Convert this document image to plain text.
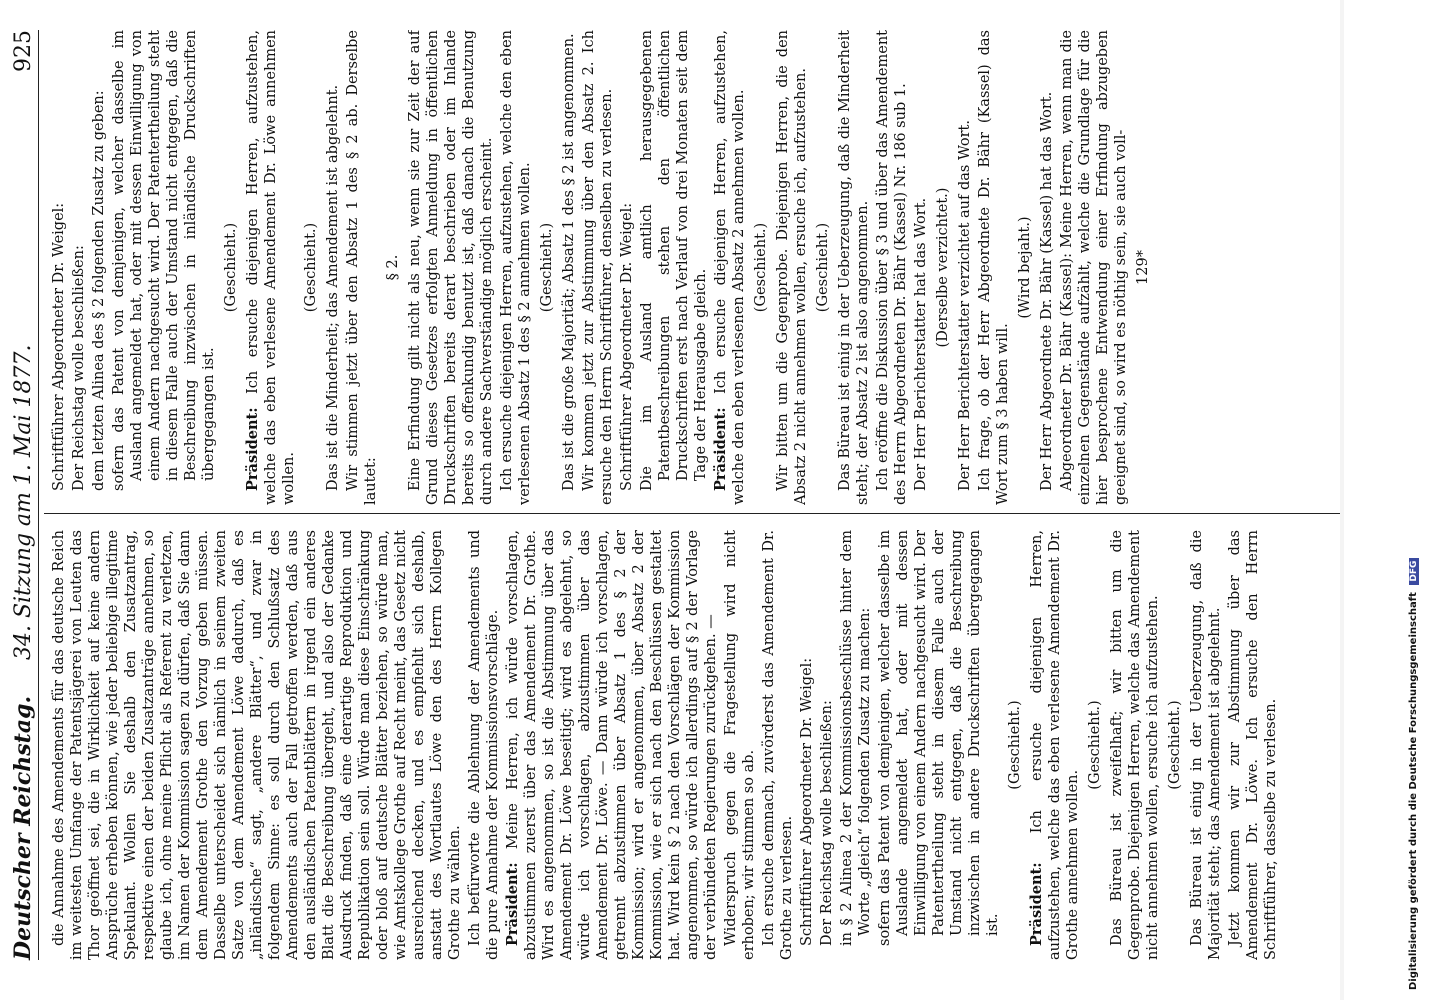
Deutscher Reichstag.
34. Sitzung am 1. Mai 1877.
925

die Annahme des Amendements für das deutsche Reich im weitesten Umfange der Patentsjägerei von Leuten das Thor geöffnet sei, die in Wirklichkeit auf keine andern Ansprüche erheben können, wie jeder beliebige illegitime Spekulant. Wollen Sie deshalb den Zusatzantrag, respektive einen der beiden Zusatzanträge annehmen, so glaube ich, ohne meine Pflicht als Referent zu verletzen, im Namen der Kommission sagen zu dürfen, daß Sie dann dem Amendement Grothe den Vorzug geben müssen. Dasselbe unterscheidet sich nämlich in seinem zweiten Satze von dem Amendement Löwe dadurch, daß es „inländische“ sagt, „andere Blätter“, und zwar in folgendem Sinne: es soll durch den Schlußsatz des Amendements auch der Fall getroffen werden, daß aus den ausländischen Patentblättern in irgend ein anderes Blatt die Beschreibung übergeht, und also der Gedanke Ausdruck finden, daß eine derartige Reproduktion und Republikation sein soll. Würde man diese Einschränkung oder bloß auf deutsche Blätter beziehen, so würde man, wie Amtskollege Grothe auf Recht meint, das Gesetz nicht ausreichend decken, und es empfiehlt sich deshalb, anstatt des Wortlautes Löwe den des Herrn Kollegen Grothe zu wählen. Ich befürworte die Ablehnung der Amendements und die pure Annahme der Kommissionsvorschläge. Präsident: Meine Herren, ich würde vorschlagen, abzustimmen zuerst über das Amendement Dr. Grothe. Wird es angenommen, so ist die Abstimmung über das Amendement Dr. Löwe beseitigt; wird es abgelehnt, so würde ich vorschlagen, abzustimmen über das Amendement Dr. Löwe. — Dann würde ich vorschlagen, getrennt abzustimmen über Absatz 1 des § 2 der Kommission; wird er angenommen, über Absatz 2 der Kommission, wie er sich nach den Beschlüssen gestaltet hat. Wird kein § 2 nach den Vorschlägen der Kommission angenommen, so würde ich allerdings auf § 2 der Vorlage der verbündeten Regierungen zurückgehen. — Widerspruch gegen die Fragestellung wird nicht erhoben; wir stimmen so ab. Ich ersuche demnach, zuvörderst das Amendement Dr. Grothe zu verlesen. Schriftführer Abgeordneter Dr. Weigel: Der Reichstag wolle beschließen: in § 2 Alinea 2 der Kommissionsbeschlüsse hinter dem Worte „gleich“ folgenden Zusatz zu machen: sofern das Patent von demjenigen, welcher dasselbe im Auslande angemeldet hat, oder mit dessen Einwilligung von einem Andern nachgesucht wird. Der Patentertheilung steht in diesem Falle auch der Umstand nicht entgegen, daß die Beschreibung inzwischen in andere Druckschriften übergegangen ist.

(Geschieht.)

Präsident: Ich ersuche diejenigen Herren, aufzustehen, welche das eben verlesene Amendement Dr. Grothe annehmen wollen.

(Geschieht.) Das Büreau ist zweifelhaft; wir bitten um die Gegenprobe. Diejenigen Herren, welche das Amendement nicht annehmen wollen, ersuche ich aufzustehen. (Geschieht.) Das Büreau ist einig in der Ueberzeugung, daß die Majorität steht; das Amendement ist abgelehnt. Jetzt kommen wir zur Abstimmung über das Amendement Dr. Löwe. Ich ersuche den Herrn Schriftführer, dasselbe zu verlesen.

Schriftführer Abgeordneter Dr. Weigel: Der Reichstag wolle beschließen: dem letzten Alinea des § 2 folgenden Zusatz zu geben: sofern das Patent von demjenigen, welcher dasselbe im Ausland angemeldet hat, oder mit dessen Einwilligung von einem Andern nachgesucht wird. Der Patentertheilung steht in diesem Falle auch der Umstand nicht entgegen, daß die Beschreibung inzwischen in inländische Druckschriften übergegangen ist.

(Geschieht.)

Präsident: Ich ersuche diejenigen Herren, aufzustehen, welche das eben verlesene Amendement Dr. Löwe annehmen wollen.

(Geschieht.) Das ist die Minderheit; das Amendement ist abgelehnt. Wir stimmen jetzt über den Absatz 1 des § 2 ab. Derselbe lautet:

§ 2. Eine Erfindung gilt nicht als neu, wenn sie zur Zeit der auf Grund dieses Gesetzes erfolgten Anmeldung in öffentlichen Druckschriften bereits derart beschrieben oder im Inlande bereits so offenkundig benutzt ist, daß danach die Benutzung durch andere Sachverständige möglich erscheint. Ich ersuche diejenigen Herren, aufzustehen, welche den eben verlesenen Absatz 1 des § 2 annehmen wollen. (Geschieht.) Das ist die große Majorität; Absatz 1 des § 2 ist angenommen. Wir kommen jetzt zur Abstimmung über den Absatz 2. Ich ersuche den Herrn Schriftführer, denselben zu verlesen. Schriftführer Abgeordneter Dr. Weigel: Die im Ausland amtlich herausgegebenen Patentbeschreibungen stehen den öffentlichen Druckschriften erst nach Verlauf von drei Monaten seit dem Tage der Herausgabe gleich. Präsident: Ich ersuche diejenigen Herren, aufzustehen, welche den eben verlesenen Absatz 2 annehmen wollen. (Geschieht.) Wir bitten um die Gegenprobe. Diejenigen Herren, die den Absatz 2 nicht annehmen wollen, ersuche ich, aufzustehen. (Geschieht.) Das Büreau ist einig in der Ueberzeugung, daß die Minderheit steht; der Absatz 2 ist also angenommen. Ich eröffne die Diskussion über § 3 und über das Amendement des Herrn Abgeordneten Dr. Bähr (Kassel) Nr. 186 sub 1. Der Herr Berichterstatter hat das Wort. (Derselbe verzichtet.) Der Herr Berichterstatter verzichtet auf das Wort. Ich frage, ob der Herr Abgeordnete Dr. Bähr (Kassel) das Wort zum § 3 haben will.

(Wird bejaht.) Der Herr Abgeordnete Dr. Bähr (Kassel) hat das Wort. Abgeordneter Dr. Bähr (Kassel): Meine Herren, wenn man die einzelnen Gegenstände aufzählt, welche die Grundlage für die hier besprochene Entwendung einer Erfindung abzugeben geeignet sind, so wird es nöthig sein, sie auch voll- 129*

Digitalisierung gefördert durch die Deutsche Forschungsgemeinschaft DFG
